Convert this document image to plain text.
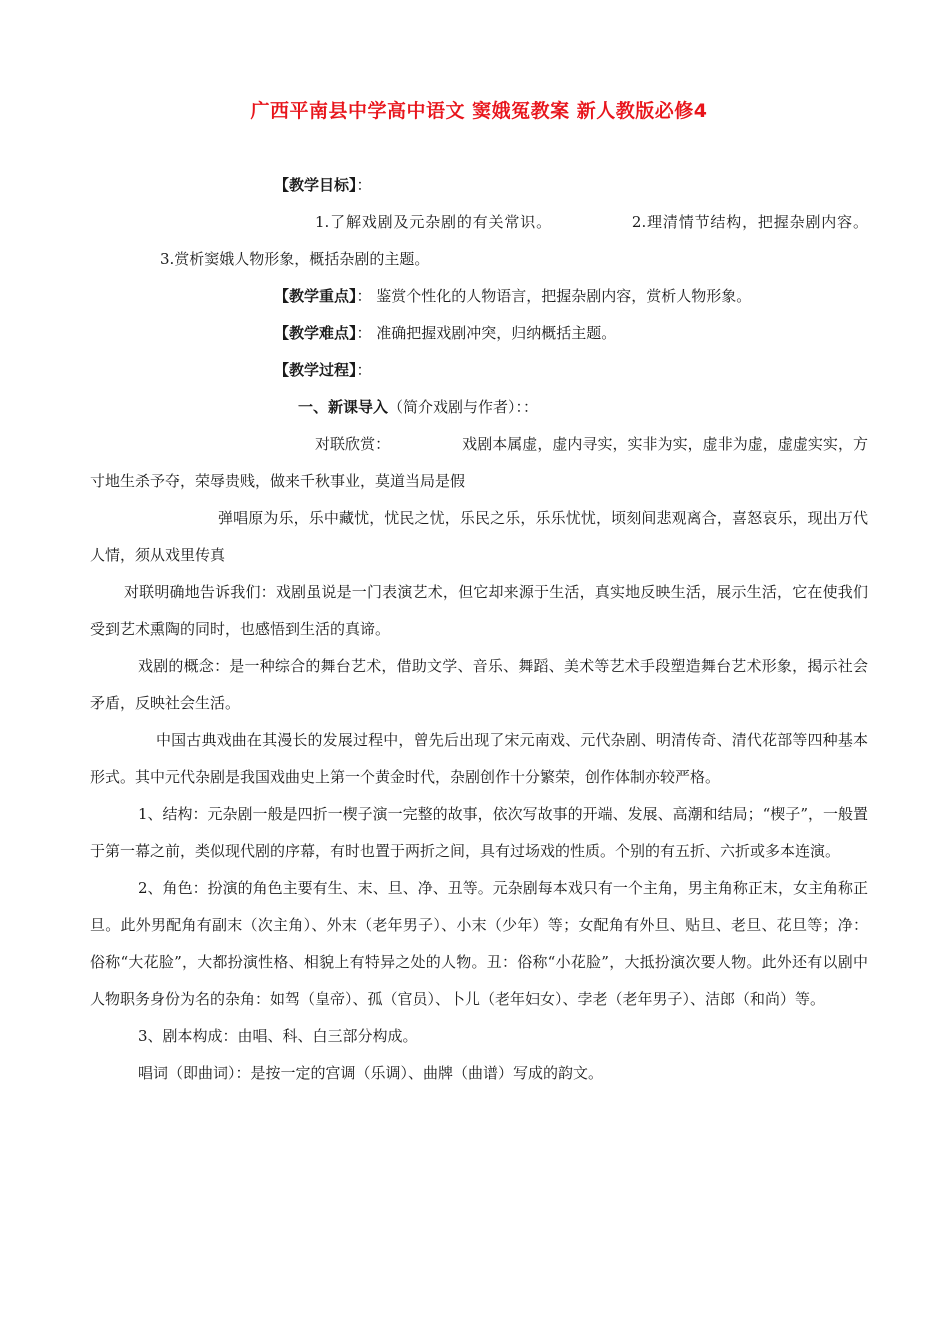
广西平南县中学高中语文 窦娥冤教案 新人教版必修4

【教学目标】：

1.了解戏剧及元杂剧的有关常识。	2.理清情节结构，把握杂剧内容。3.赏析窦娥人物形象，概括杂剧的主题。

【教学重点】： 鉴赏个性化的人物语言，把握杂剧内容，赏析人物形象。

【教学难点】： 准确把握戏剧冲突，归纳概括主题。

【教学过程】：

一、新课导入（简介戏剧与作者）：：

对联欣赏：	戏剧本属虚，虚内寻实，实非为实，虚非为虚，虚虚实实，方寸地生杀予夺，荣辱贵贱，做来千秋事业，莫道当局是假

弹唱原为乐，乐中藏忧，忧民之忧，乐民之乐，乐乐忧忧，顷刻间悲观离合，喜怒哀乐，现出万代人情，须从戏里传真

对联明确地告诉我们：戏剧虽说是一门表演艺术，但它却来源于生活，真实地反映生活，展示生活，它在使我们受到艺术熏陶的同时，也感悟到生活的真谛。

戏剧的概念：是一种综合的舞台艺术，借助文学、音乐、舞蹈、美术等艺术手段塑造舞台艺术形象，揭示社会矛盾，反映社会生活。

中国古典戏曲在其漫长的发展过程中，曾先后出现了宋元南戏、元代杂剧、明清传奇、清代花部等四种基本形式。其中元代杂剧是我国戏曲史上第一个黄金时代，杂剧创作十分繁荣，创作体制亦较严格。

1、结构：元杂剧一般是四折一楔子演一完整的故事，依次写故事的开端、发展、高潮和结局；“楔子”，一般置于第一幕之前，类似现代剧的序幕，有时也置于两折之间，具有过场戏的性质。个别的有五折、六折或多本连演。

2、角色：扮演的角色主要有生、末、旦、净、丑等。元杂剧每本戏只有一个主角，男主角称正末，女主角称正旦。此外男配角有副末（次主角）、外末（老年男子）、小末（少年）等；女配角有外旦、贴旦、老旦、花旦等；净：俗称“大花脸”，大都扮演性格、相貌上有特异之处的人物。丑：俗称“小花脸”，大抵扮演次要人物。此外还有以剧中人物职务身份为名的杂角：如驾（皇帝）、孤（官员）、卜儿（老年妇女）、孛老（老年男子）、洁郎（和尚）等。

3、剧本构成：由唱、科、白三部分构成。

唱词（即曲词）：是按一定的宫调（乐调）、曲牌（曲谱）写成的韵文。
